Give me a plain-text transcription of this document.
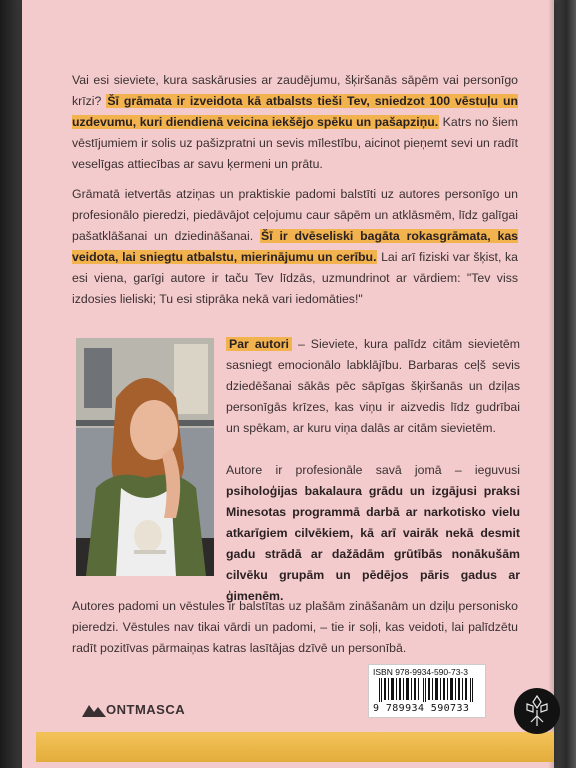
Vai esi sieviete, kura saskārusies ar zaudējumu, šķiršanās sāpēm vai personīgo krīzi? Šī grāmata ir izveidota kā atbalsts tieši Tev, sniedzot 100 vēstuļu un uzdevumu, kuri diendienā veicina iekšējo spēku un pašapziņu. Katrs no šiem vēstījumiem ir solis uz pašizpratni un sevis mīlestību, aicinot pieņemt sevi un radīt veselīgas attiecības ar savu ķermeni un prātu.
Grāmatā ietvertās atziņas un praktiskie padomi balstīti uz autores personīgo un profesionālo pieredzi, piedāvājot ceļojumu caur sāpēm un atklāsmēm, līdz galīgai pašatklāšanai un dziedināšanai. Šī ir dvēseliski bagāta rokasgrāmata, kas veidota, lai sniegtu atbalstu, mierinājumu un cerību. Lai arī fiziski var šķist, ka esi viena, garīgi autore ir taču Tev līdzās, uzmundrinot ar vārdiem: "Tev viss izdosies lieliski; Tu esi stiprāka nekā vari iedomāties!"
Par autori – Sieviete, kura palīdz citām sievietēm sasniegt emocionālo labklājību. Barbaras ceļš sevis dziedēšanai sākās pēc sāpīgas šķiršanās un dziļas personīgās krīzes, kas viņu ir aizvedis līdz gudrībai un spēkam, ar kuru viņa dalās ar citām sievietēm.
Autore ir profesionāle savā jomā – ieguvusi psiholoģijas bakalaura grādu un izgājusi praksi Minesotas programmā darbā ar narkotisko vielu atkarīgiem cilvēkiem, kā arī vairāk nekā desmit gadu strādā ar dažādām grūtībās nonākušām cilvēku grupām un pēdējos pāris gadus ar ģimenēm.
Autores padomi un vēstules ir balstītas uz plašām zināšanām un dziļu personisko pieredzi. Vēstules nav tikai vārdi un padomi, – tie ir soļi, kas veidoti, lai palīdzētu radīt pozitīvas pārmaiņas katras lasītājas dzīvē un personībā.
ONTMASCA
ISBN 978-9934-590-73-3
9 789934 590733
